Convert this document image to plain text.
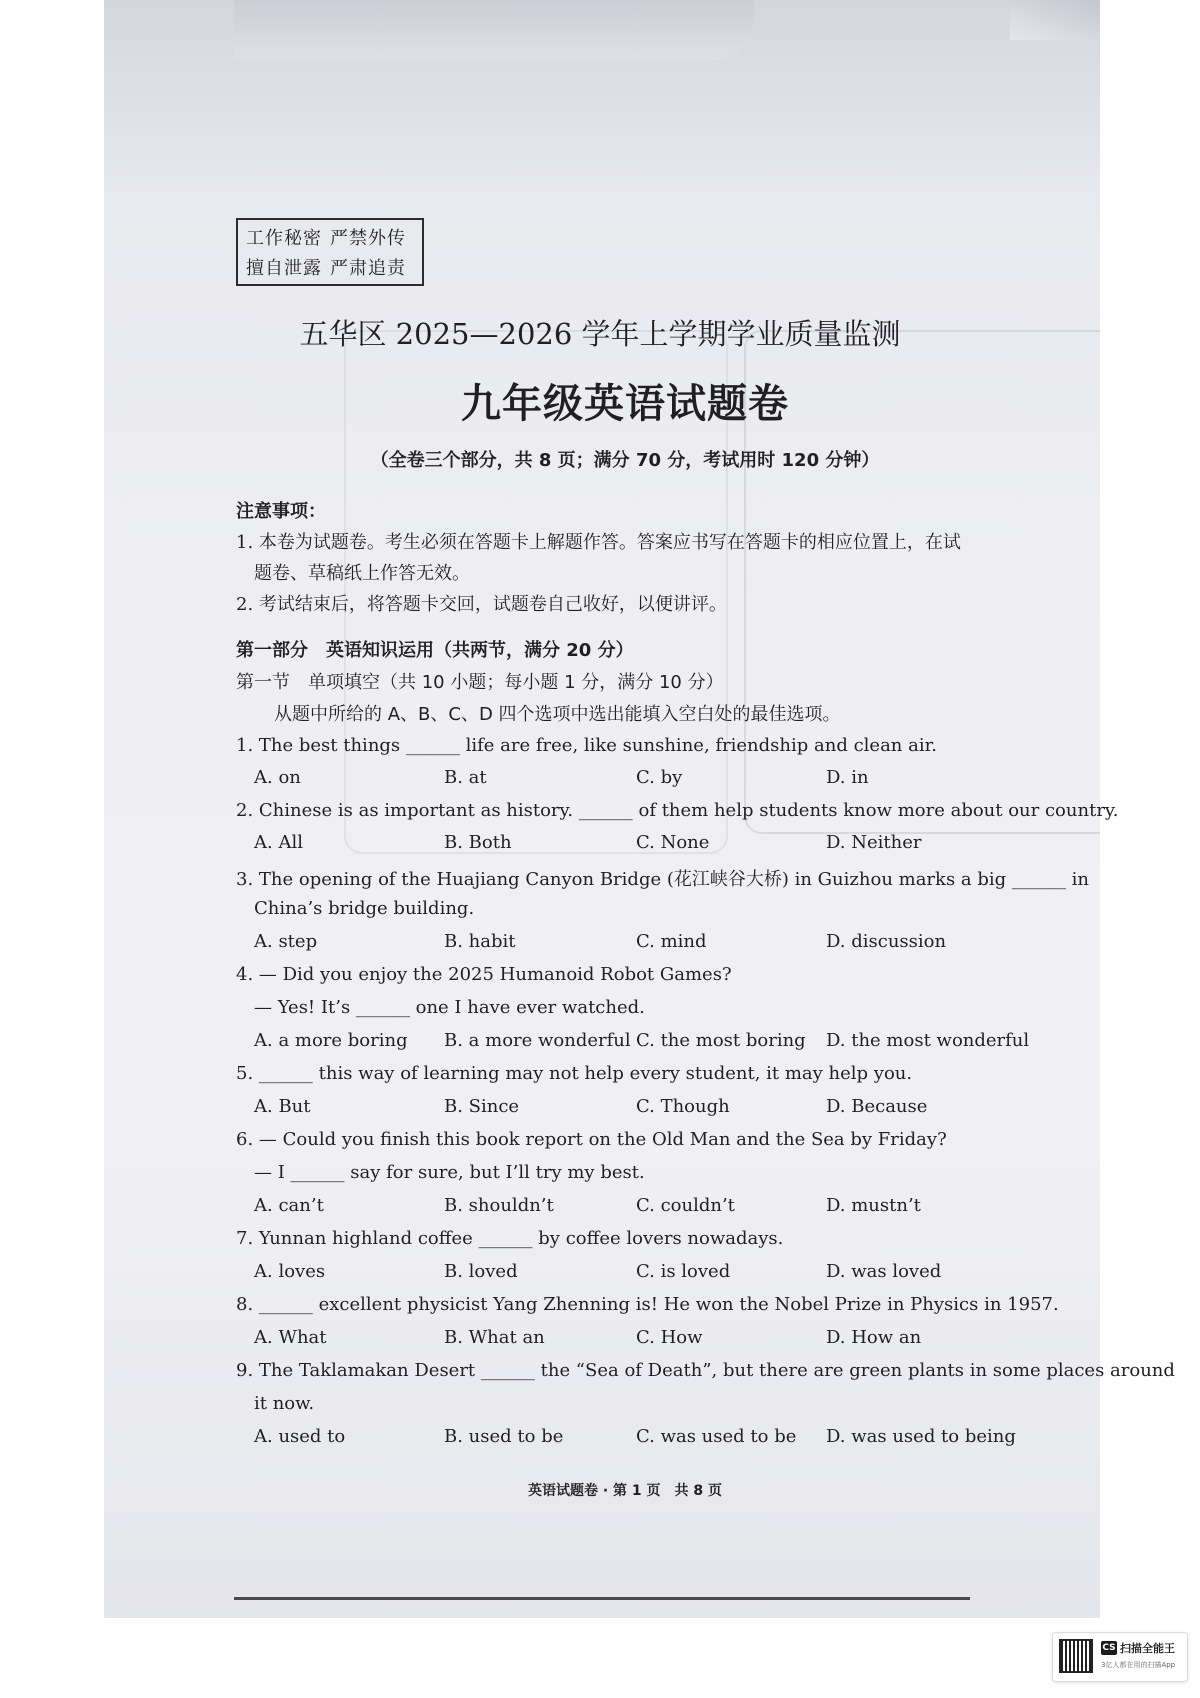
工作秘密 严禁外传
擅自泄露 严肃追责
五华区 2025—2026 学年上学期学业质量监测
九年级英语试题卷
（全卷三个部分，共 8 页；满分 70 分，考试用时 120 分钟）
注意事项：
1. 本卷为试题卷。考生必须在答题卡上解题作答。答案应书写在答题卡的相应位置上，在试
题卷、草稿纸上作答无效。
2. 考试结束后，将答题卡交回，试题卷自己收好，以便讲评。
第一部分　英语知识运用（共两节，满分 20 分）
第一节　单项填空（共 10 小题；每小题 1 分，满分 10 分）
从题中所给的 A、B、C、D 四个选项中选出能填入空白处的最佳选项。
1. The best things ______ life are free, like sunshine, friendship and clean air.
A. on	B. at	C. by	D. in
2. Chinese is as important as history. ______ of them help students know more about our country.
A. All	B. Both	C. None	D. Neither
3. The opening of the Huajiang Canyon Bridge (花江峡谷大桥) in Guizhou marks a big ______ in
China’s bridge building.
A. step	B. habit	C. mind	D. discussion
4. — Did you enjoy the 2025 Humanoid Robot Games?
— Yes! It’s ______ one I have ever watched.
A. a more boring B. a more wonderful C. the most boring D. the most wonderful
5. ______ this way of learning may not help every student, it may help you.
A. But	B. Since	C. Though	D. Because
6. — Could you finish this book report on the Old Man and the Sea by Friday?
— I ______ say for sure, but I’ll try my best.
A. can’t	B. shouldn’t	C. couldn’t	D. mustn’t
7. Yunnan highland coffee ______ by coffee lovers nowadays.
A. loves	B. loved	C. is loved	D. was loved
8. ______ excellent physicist Yang Zhenning is! He won the Nobel Prize in Physics in 1957.
A. What	B. What an	C. How	D. How an
9. The Taklamakan Desert ______ the “Sea of Death”, but there are green plants in some places around
it now.
A. used to	B. used to be	C. was used to be D. was used to being
英语试题卷 · 第 1 页　共 8 页
CS 扫描全能王
3亿人都在用的扫描App
